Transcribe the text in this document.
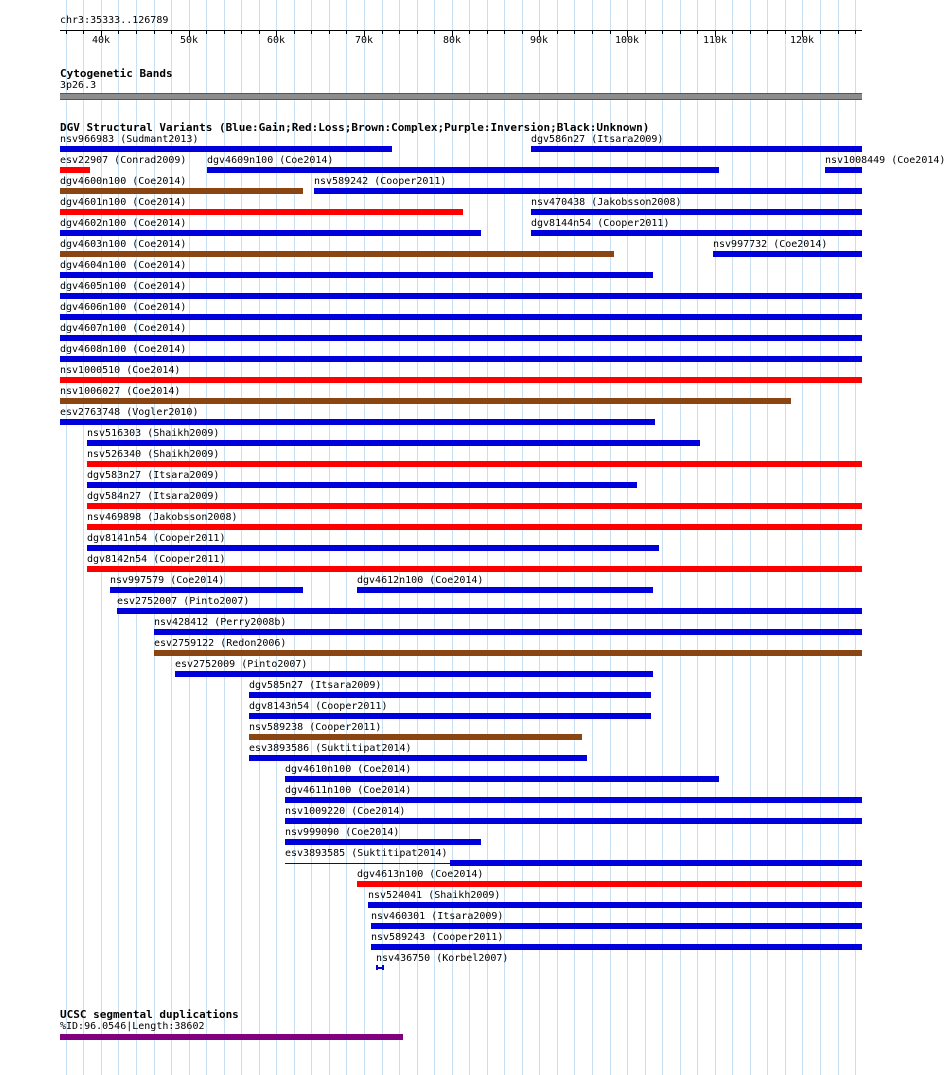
chr3:35333..126789
40k	50k	60k	70k	80k	90k	100k	110k	120k
Cytogenetic Bands
3p26.3
DGV Structural Variants (Blue:Gain;Red:Loss;Brown:Complex;Purple:Inversion;Black:Unknown)
nsv966983 (Sudmant2013)	dgv586n27 (Itsara2009)
esv22907 (Conrad2009) dgv4609n100 (Coe2014)	nsv1008449 (Coe2014)
dgv4600n100 (Coe2014)	nsv589242 (Cooper2011)
dgv4601n100 (Coe2014)	nsv470438 (Jakobsson2008)
dgv4602n100 (Coe2014)	dgv8144n54 (Cooper2011)
dgv4603n100 (Coe2014)	nsv997732 (Coe2014)
dgv4604n100 (Coe2014)
dgv4605n100 (Coe2014)
dgv4606n100 (Coe2014)
dgv4607n100 (Coe2014)
dgv4608n100 (Coe2014)
nsv1000510 (Coe2014)
nsv1006027 (Coe2014)
esv2763748 (Vogler2010)
nsv516303 (Shaikh2009)
nsv526340 (Shaikh2009)
dgv583n27 (Itsara2009)
dgv584n27 (Itsara2009)
nsv469898 (Jakobsson2008)
dgv8141n54 (Cooper2011)
dgv8142n54 (Cooper2011)
nsv997579 (Coe2014)	dgv4612n100 (Coe2014)
esv2752007 (Pinto2007)
nsv428412 (Perry2008b)
esv2759122 (Redon2006)
esv2752009 (Pinto2007)
dgv585n27 (Itsara2009)
dgv8143n54 (Cooper2011)
nsv589238 (Cooper2011)
esv3893586 (Suktitipat2014)
dgv4610n100 (Coe2014)
dgv4611n100 (Coe2014)
nsv1009220 (Coe2014)
nsv999090 (Coe2014)
esv3893585 (Suktitipat2014)
dgv4613n100 (Coe2014)
nsv524041 (Shaikh2009)
nsv460301 (Itsara2009)
nsv589243 (Cooper2011)
nsv436750 (Korbel2007)
UCSC segmental duplications
%ID:96.0546|Length:38602
